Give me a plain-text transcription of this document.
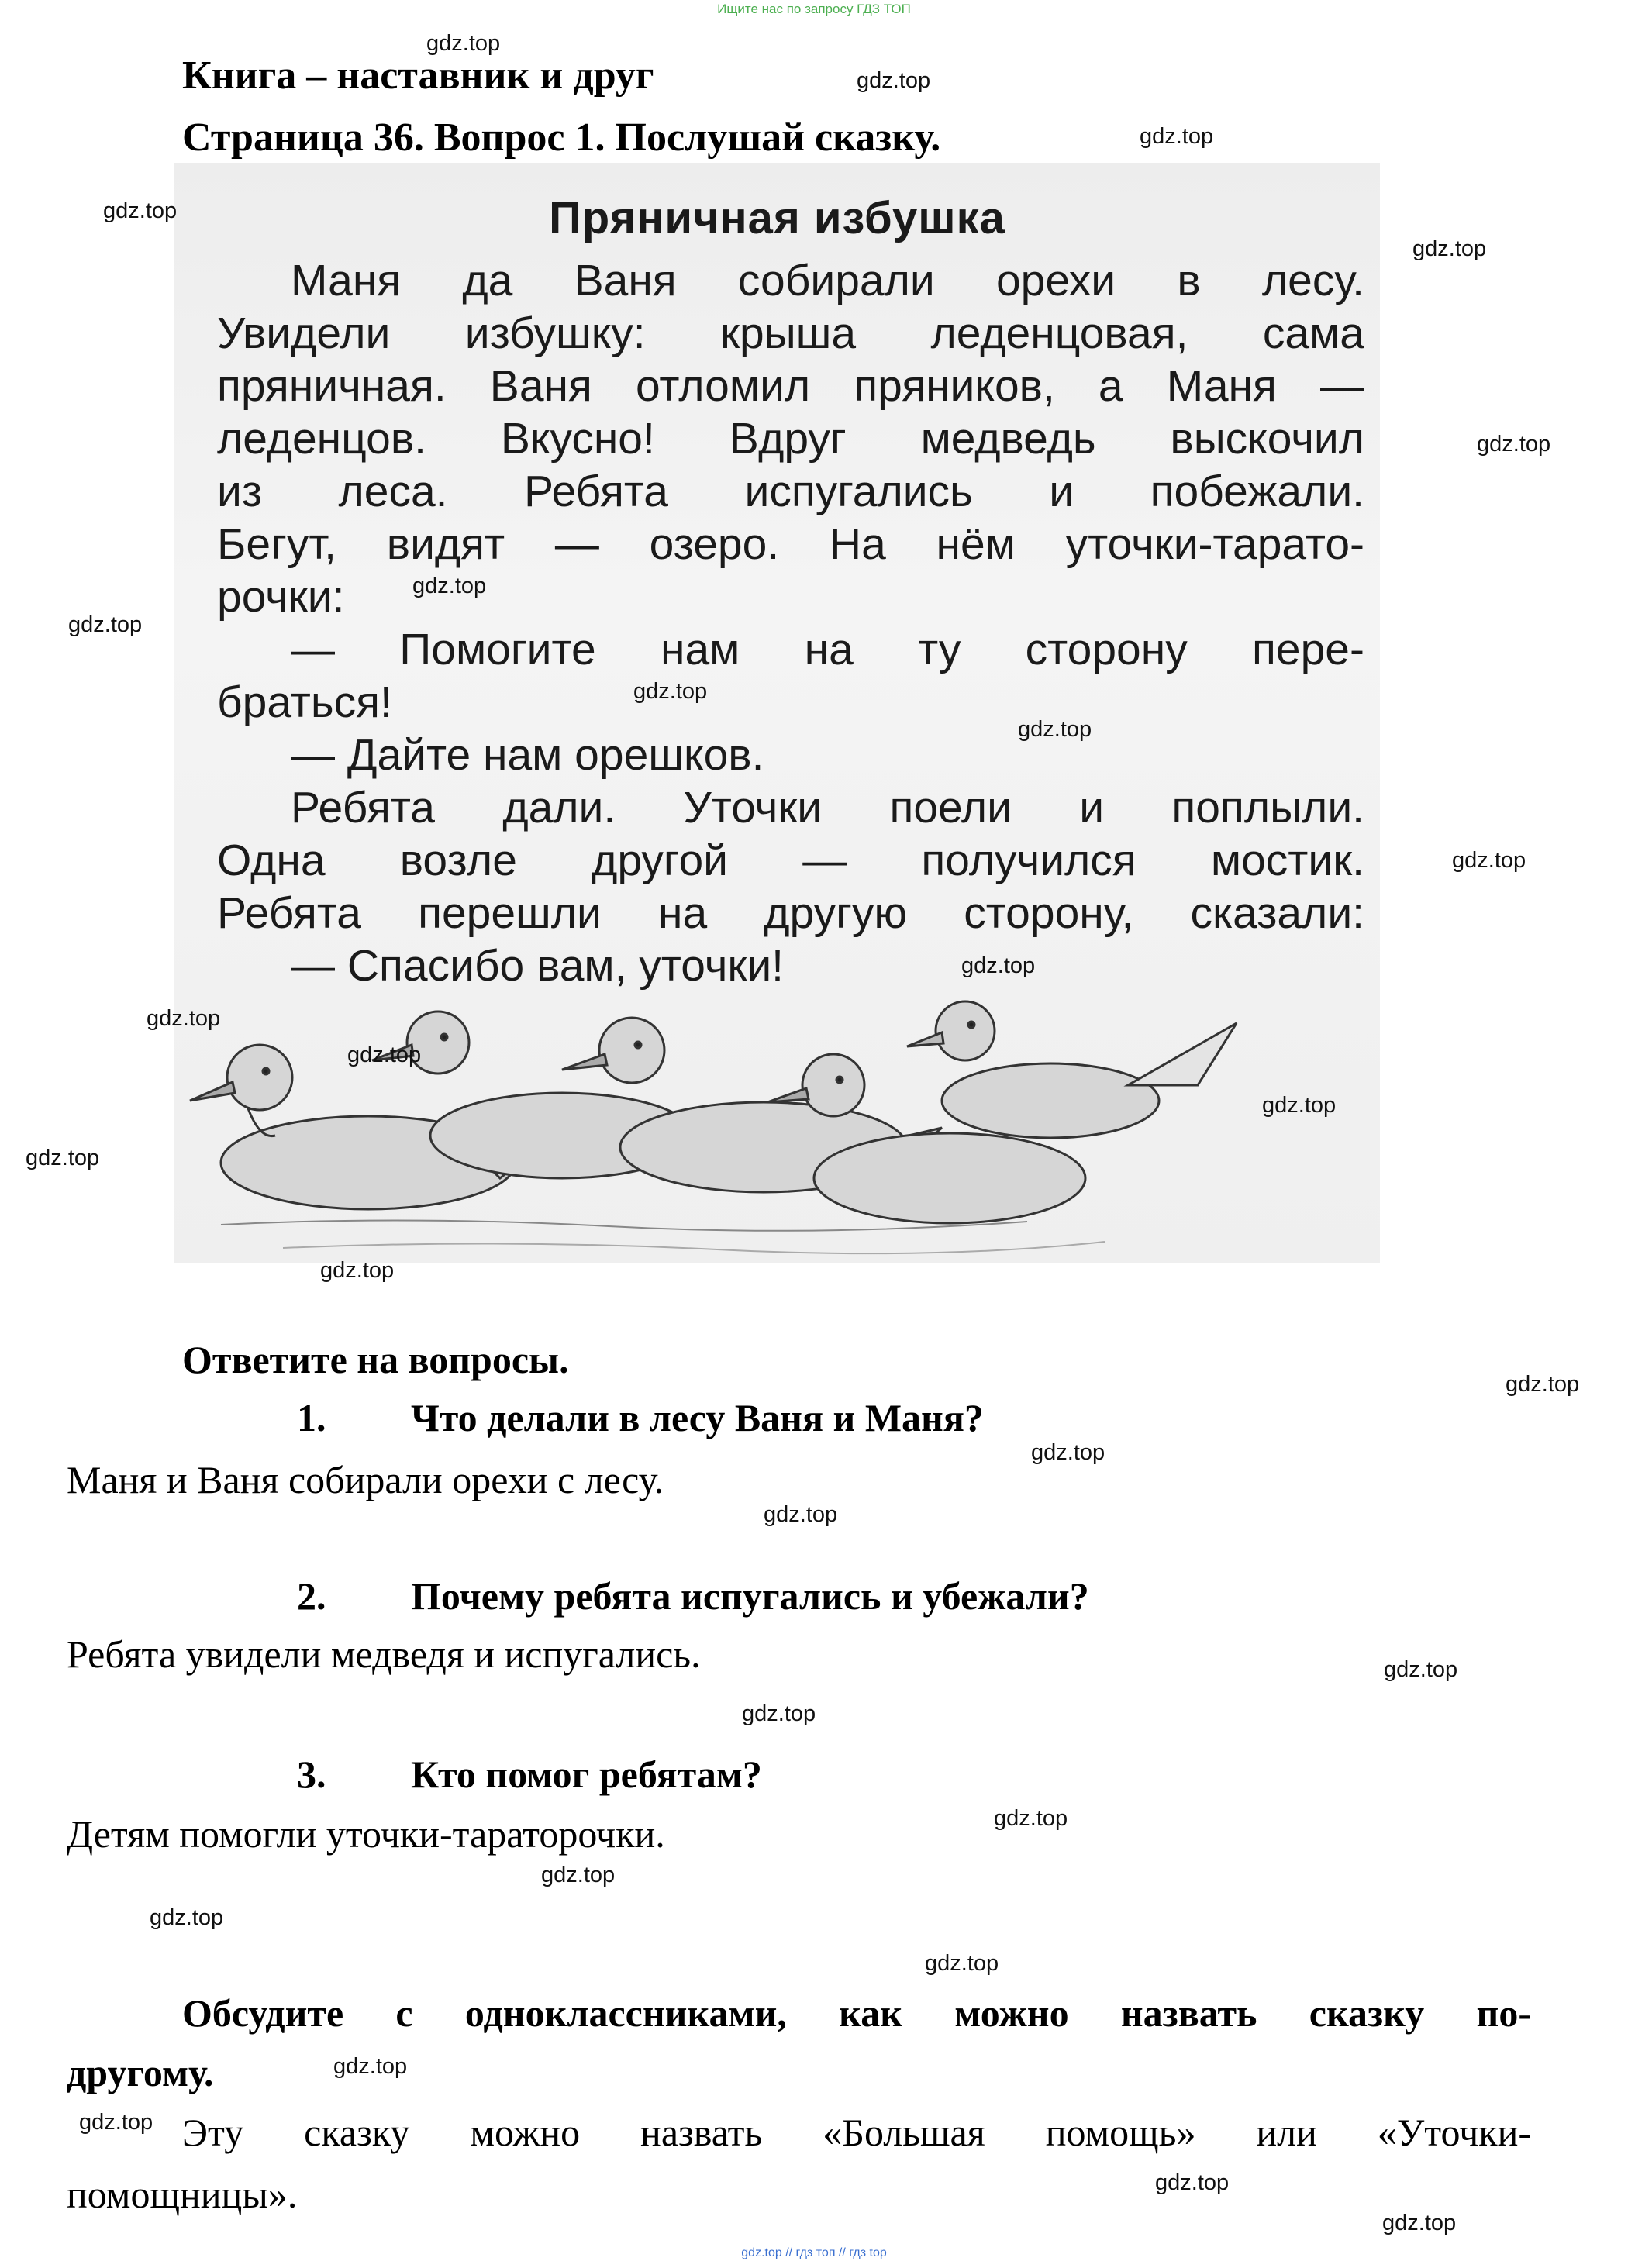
Ищите нас по запросу ГДЗ ТОП
Книга – наставник и друг
Страница 36. Вопрос 1. Послушай сказку.
Пряничная избушка
Маня да Ваня собирали орехи в лесу.
Увидели избушку: крыша леденцовая, сама
пряничная. Ваня отломил пряников, а Маня —
леденцов. Вкусно! Вдруг медведь выскочил
из леса. Ребята испугались и побежали.
Бегут, видят — озеро. На нём уточки-тарато-
рочки:
— Помогите нам на ту сторону пере-
браться!
— Дайте нам орешков.
Ребята дали. Уточки поели и поплыли.
Одна возле другой — получился мостик.
Ребята перешли на другую сторону, сказали:
— Спасибо вам, уточки!
Ответите на вопросы.
1. Что делали в лесу Ваня и Маня?
Маня и Ваня собирали орехи с лесу.
2. Почему ребята испугались и убежали?
Ребята увидели медведя и испугались.
3. Кто помог ребятам?
Детям помогли уточки-тараторочки.
Обсудите с одноклассниками, как можно назвать сказку по-
другому.
Эту сказку можно назвать «Большая помощь» или «Уточки-
помощницы».
gdz.top
gdz.top
gdz.top
gdz.top
gdz.top
gdz.top
gdz.top
gdz.top
gdz.top
gdz.top
gdz.top
gdz.top
gdz.top
gdz.top
gdz.top
gdz.top
gdz.top
gdz.top
gdz.top
gdz.top
gdz.top
gdz.top
gdz.top
gdz.top
gdz.top
gdz.top
gdz.top
gdz.top
gdz.top
gdz.top
gdz.top // гдз топ // гдз top
